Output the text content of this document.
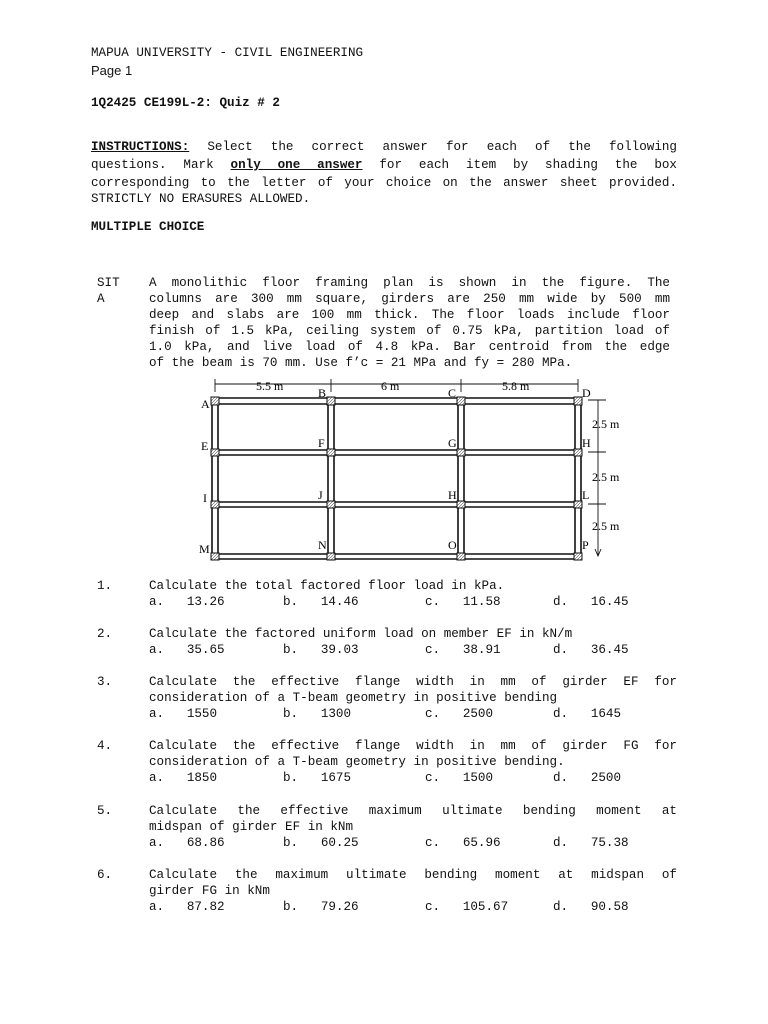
MAPUA UNIVERSITY - CIVIL ENGINEERING
Page 1
1Q2425 CE199L-2: Quiz # 2
INSTRUCTIONS: Select the correct answer for each of the following
questions. Mark only one answer for each item by shading the box
corresponding to the letter of your choice on the answer sheet provided.
STRICTLY NO ERASURES ALLOWED.
MULTIPLE CHOICE
SIT
A
A monolithic floor framing plan is shown in the figure. The
columns are 300 mm square, girders are 250 mm wide by 500 mm
deep and slabs are 100 mm thick. The floor loads include floor
finish of 1.5 kPa, ceiling system of 0.75 kPa, partition load of
1.0 kPa, and live load of 4.8 kPa. Bar centroid from the edge
of the beam is 70 mm. Use f’c = 21 MPa and fy = 280 MPa.
5.5 m	6 m	5.8 m
2.5 m
2.5 m
2.5 m
A
B	C	D
E	F	G	H
I	J	H	L
M	N	O	P
1.	Calculate the total factored floor load in kPa.
a. 13.26	b. 14.46	c. 11.58	d. 16.45
2.	Calculate the factored uniform load on member EF in kN/m
a. 35.65	b. 39.03	c. 38.91	d. 36.45
3.	Calculate the effective flange width in mm of girder EF for
consideration of a T-beam geometry in positive bending
a. 1550	b. 1300	c. 2500	d. 1645
4.	Calculate the effective flange width in mm of girder FG for
consideration of a T-beam geometry in positive bending.
a. 1850	b. 1675	c. 1500	d. 2500
5.	Calculate the effective maximum ultimate bending moment at
midspan of girder EF in kNm
a. 68.86	b. 60.25	c. 65.96	d. 75.38
6.	Calculate the maximum ultimate bending moment at midspan of
girder FG in kNm
a. 87.82	b. 79.26	c. 105.67	d. 90.58
